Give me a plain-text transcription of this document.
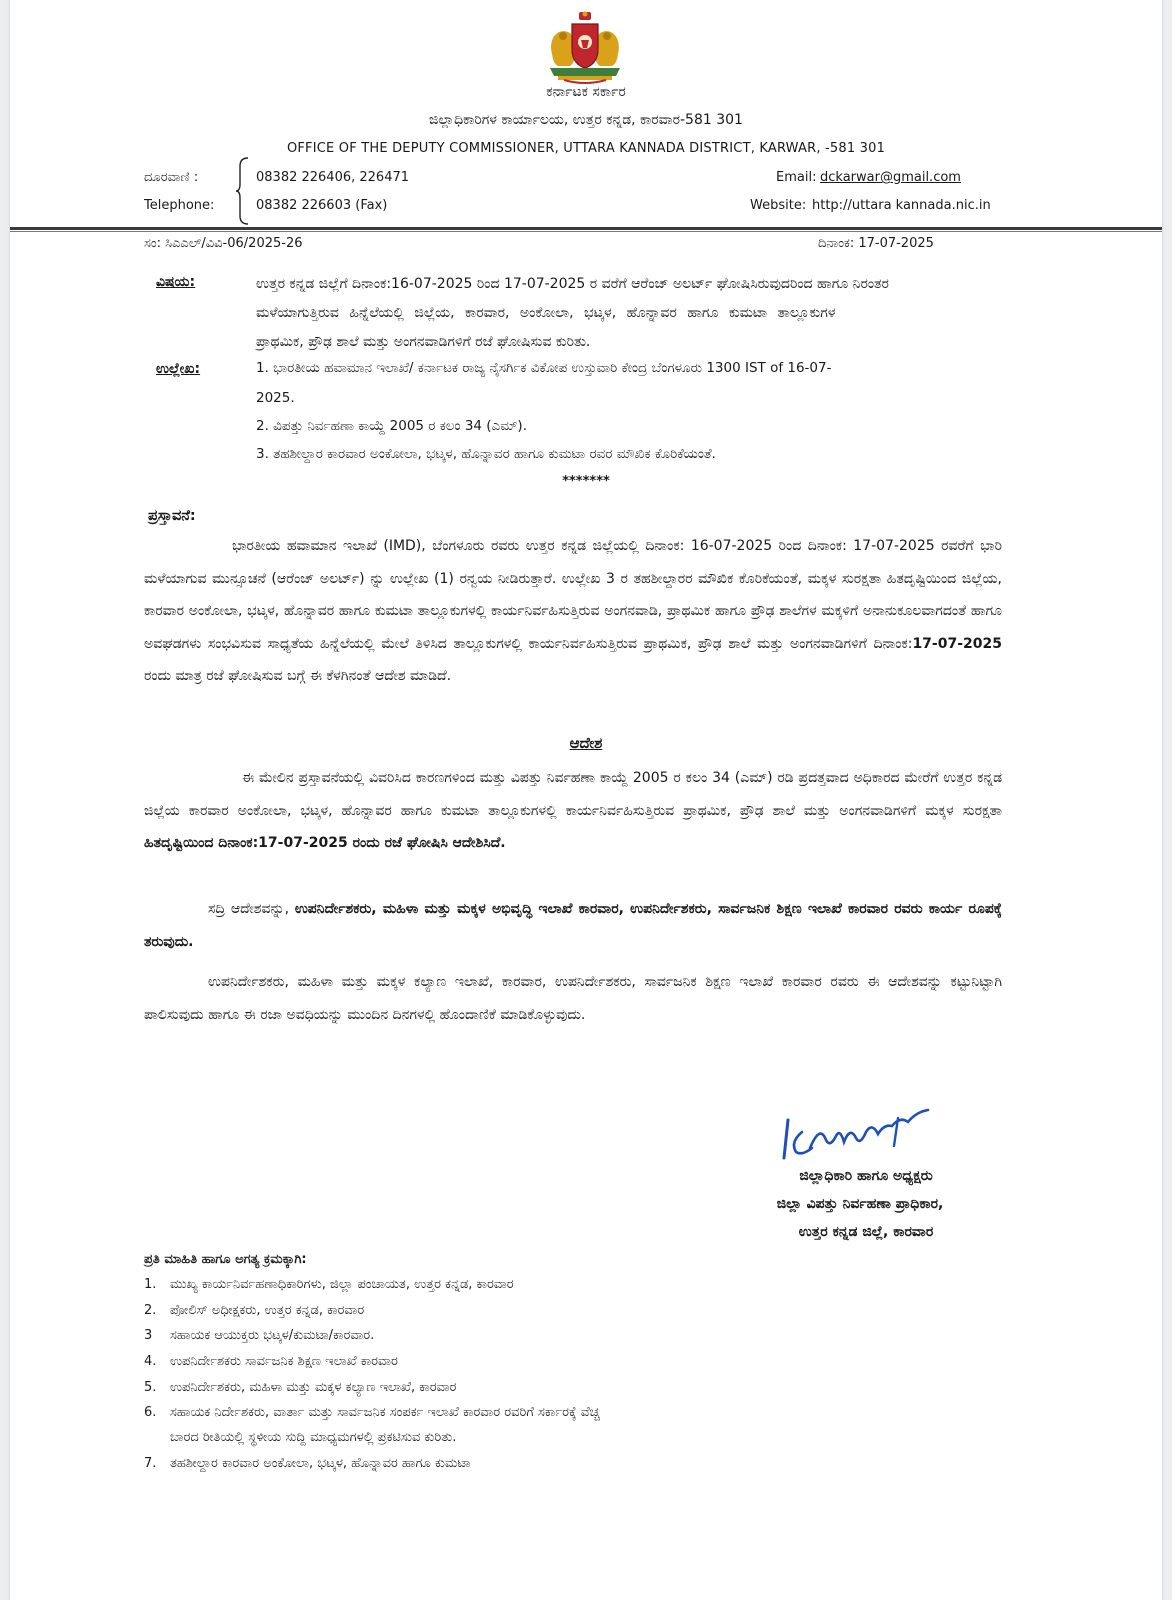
ಕರ್ನಾಟಕ ಸರ್ಕಾರ
ಜಿಲ್ಲಾಧಿಕಾರಿಗಳ ಕಾರ್ಯಾಲಯ, ಉತ್ತರ ಕನ್ನಡ, ಕಾರವಾರ-581 301
OFFICE OF THE DEPUTY COMMISSIONER, UTTARA KANNADA DISTRICT, KARWAR, -581 301
ದೂರವಾಣಿ :
Telephone:
08382 226406, 226471
08382 226603 (Fax)
Email: dckarwar@gmail.com
Website: http://uttara kannada.nic.in
ಸಂ: ಸಿಎಎಲ್/ವಿವಿ-06/2025-26	ದಿನಾಂಕ: 17-07-2025
ವಿಷಯ:	ಉತ್ತರ ಕನ್ನಡ ಜಿಲ್ಲೆಗೆ ದಿನಾಂಕ:16-07-2025 ರಿಂದ 17-07-2025 ರ ವರೆಗೆ ಆರೆಂಜ್ ಅಲರ್ಟ್ ಘೋಷಿಸಿರುವುದರಿಂದ ಹಾಗೂ ನಿರಂತರ
ಮಳೆಯಾಗುತ್ತಿರುವ ಹಿನ್ನೆಲೆಯಲ್ಲಿ ಜಿಲ್ಲೆಯ, ಕಾರವಾರ, ಅಂಕೋಲಾ, ಭಟ್ಕಳ, ಹೊನ್ನಾವರ ಹಾಗೂ ಕುಮಟಾ ತಾಲ್ಲೂಕುಗಳ
ಪ್ರಾಥಮಿಕ, ಪ್ರೌಢ ಶಾಲೆ ಮತ್ತು ಅಂಗನವಾಡಿಗಳಿಗೆ ರಜೆ ಘೋಷಿಸುವ ಕುರಿತು.
ಉಲ್ಲೇಖ:	1. ಭಾರತೀಯ ಹವಾಮಾನ ಇಲಾಖೆ/ ಕರ್ನಾಟಕ ರಾಜ್ಯ ನೈಸರ್ಗಿಕ ವಿಕೋಪ ಉಸ್ತುವಾರಿ ಕೇಂದ್ರ ಬೆಂಗಳೂರು 1300 IST of 16-07-
2025.
2. ವಿಪತ್ತು ನಿರ್ವಹಣಾ ಕಾಯ್ದೆ 2005 ರ ಕಲಂ 34 (ಎಮ್).
3. ತಹಶೀಲ್ದಾರ ಕಾರವಾರ ಅಂಕೋಲಾ, ಭಟ್ಕಳ, ಹೊನ್ನಾವರ ಹಾಗೂ ಕುಮಟಾ ರವರ ಮೌಖಿಕ ಕೊರಿಕೆಯಂತೆ.
*******
ಪ್ರಸ್ತಾವನೆ:
ಭಾರತೀಯ ಹವಾಮಾನ ಇಲಾಖೆ (IMD), ಬೆಂಗಳೂರು ರವರು ಉತ್ತರ ಕನ್ನಡ ಜಿಲ್ಲೆಯಲ್ಲಿ ದಿನಾಂಕ: 16-07-2025 ರಿಂದ ದಿನಾಂಕ: 17-07-2025 ರವರೆಗೆ ಭಾರಿ ಮಳೆಯಾಗುವ ಮುನ್ಸೂಚನೆ (ಆರೆಂಜ್ ಅಲರ್ಟ್) ನ್ನು ಉಲ್ಲೇಖ (1) ರನ್ವಯ ನೀಡಿರುತ್ತಾರೆ. ಉಲ್ಲೇಖ 3 ರ ತಹಶೀಲ್ದಾರರ ಮೌಖಿಕ ಕೊರಿಕೆಯಂತೆ, ಮಕ್ಕಳ ಸುರಕ್ಷತಾ ಹಿತದೃಷ್ಟಿಯಿಂದ ಜಿಲ್ಲೆಯ, ಕಾರವಾರ ಅಂಕೋಲಾ, ಭಟ್ಕಳ, ಹೊನ್ನಾವರ ಹಾಗೂ ಕುಮಟಾ ತಾಲ್ಲೂಕುಗಳಲ್ಲಿ ಕಾರ್ಯನಿರ್ವಹಿಸುತ್ತಿರುವ ಅಂಗನವಾಡಿ, ಪ್ರಾಥಮಿಕ ಹಾಗೂ ಪ್ರೌಢ ಶಾಲೆಗಳ ಮಕ್ಕಳಿಗೆ ಅನಾನುಕೂಲವಾಗದಂತೆ ಹಾಗೂ ಅವಘಡಗಳು ಸಂಭವಿಸುವ ಸಾಧ್ಯತೆಯ ಹಿನ್ನೆಲೆಯಲ್ಲಿ ಮೇಲೆ ತಿಳಿಸಿದ ತಾಲ್ಲೂಕುಗಳಲ್ಲಿ ಕಾರ್ಯನಿರ್ವಹಿಸುತ್ತಿರುವ ಪ್ರಾಥಮಿಕ, ಪ್ರೌಢ ಶಾಲೆ ಮತ್ತು ಅಂಗನವಾಡಿಗಳಿಗೆ ದಿನಾಂಕ:17-07-2025 ರಂದು ಮಾತ್ರ ರಜೆ ಘೋಷಿಸುವ ಬಗ್ಗೆ ಈ ಕೆಳಗಿನಂತೆ ಆದೇಶ ಮಾಡಿದೆ.
ಆದೇಶ
ಈ ಮೇಲಿನ ಪ್ರಸ್ತಾವನೆಯಲ್ಲಿ ವಿವರಿಸಿದ ಕಾರಣಗಳಿಂದ ಮತ್ತು ವಿಪತ್ತು ನಿರ್ವಹಣಾ ಕಾಯ್ದೆ 2005 ರ ಕಲಂ 34 (ಎಮ್) ರಡಿ ಪ್ರದತ್ತವಾದ ಅಧಿಕಾರದ ಮೇರೆಗೆ ಉತ್ತರ ಕನ್ನಡ ಜಿಲ್ಲೆಯ ಕಾರವಾರ ಅಂಕೋಲಾ, ಭಟ್ಕಳ, ಹೊನ್ನಾವರ ಹಾಗೂ ಕುಮಟಾ ತಾಲ್ಲೂಕುಗಳಲ್ಲಿ ಕಾರ್ಯನಿರ್ವಹಿಸುತ್ತಿರುವ ಪ್ರಾಥಮಿಕ, ಪ್ರೌಢ ಶಾಲೆ ಮತ್ತು ಅಂಗನವಾಡಿಗಳಿಗೆ ಮಕ್ಕಳ ಸುರಕ್ಷತಾ ಹಿತದೃಷ್ಟಿಯಿಂದ ದಿನಾಂಕ:17-07-2025 ರಂದು ರಜೆ ಘೋಷಿಸಿ ಆದೇಶಿಸಿದೆ.
ಸದ್ರಿ ಆದೇಶವನ್ನು, ಉಪನಿರ್ದೇಶಕರು, ಮಹಿಳಾ ಮತ್ತು ಮಕ್ಕಳ ಅಭಿವೃದ್ಧಿ ಇಲಾಖೆ ಕಾರವಾರ, ಉಪನಿರ್ದೇಶಕರು, ಸಾರ್ವಜನಿಕ ಶಿಕ್ಷಣ ಇಲಾಖೆ ಕಾರವಾರ ರವರು ಕಾರ್ಯ ರೂಪಕ್ಕೆ ತರುವುದು.
ಉಪನಿರ್ದೇಶಕರು, ಮಹಿಳಾ ಮತ್ತು ಮಕ್ಕಳ ಕಲ್ಯಾಣ ಇಲಾಖೆ, ಕಾರವಾರ, ಉಪನಿರ್ದೇಶಕರು, ಸಾರ್ವಜನಿಕ ಶಿಕ್ಷಣ ಇಲಾಖೆ ಕಾರವಾರ ರವರು ಈ ಆದೇಶವನ್ನು ಕಟ್ಟುನಿಟ್ಟಾಗಿ ಪಾಲಿಸುವುದು ಹಾಗೂ ಈ ರಜಾ ಅವಧಿಯನ್ನು ಮುಂದಿನ ದಿನಗಳಲ್ಲಿ ಹೊಂದಾಣಿಕೆ ಮಾಡಿಕೊಳ್ಳುವುದು.
ಜಿಲ್ಲಾಧಿಕಾರಿ ಹಾಗೂ ಅಧ್ಯಕ್ಷರು
ಜಿಲ್ಲಾ ವಿಪತ್ತು ನಿರ್ವಹಣಾ ಪ್ರಾಧಿಕಾರ,
ಉತ್ತರ ಕನ್ನಡ ಜಿಲ್ಲೆ, ಕಾರವಾರ
ಪ್ರತಿ ಮಾಹಿತಿ ಹಾಗೂ ಅಗತ್ಯ ಕ್ರಮಕ್ಕಾಗಿ:
1. ಮುಖ್ಯ ಕಾರ್ಯನಿರ್ವಹಣಾಧಿಕಾರಿಗಳು, ಜಿಲ್ಲಾ ಪಂಚಾಯತ, ಉತ್ತರ ಕನ್ನಡ, ಕಾರವಾರ
2. ಪೋಲಿಸ್ ಅಧೀಕ್ಷಕರು, ಉತ್ತರ ಕನ್ನಡ, ಕಾರವಾರ
3 ಸಹಾಯಕ ಆಯುಕ್ತರು ಭಟ್ಕಳ/ಕುಮಟಾ/ಕಾರವಾರ.
4. ಉಪನಿರ್ದೇಶಕರು ಸಾರ್ವಜನಿಕ ಶಿಕ್ಷಣ ಇಲಾಖೆ ಕಾರವಾರ
5. ಉಪನಿರ್ದೇಶಕರು, ಮಹಿಳಾ ಮತ್ತು ಮಕ್ಕಳ ಕಲ್ಯಾಣ ಇಲಾಖೆ, ಕಾರವಾರ
6. ಸಹಾಯಕ ನಿರ್ದೇಶಕರು, ವಾರ್ತಾ ಮತ್ತು ಸಾರ್ವಜನಿಕ ಸಂಪರ್ಕ ಇಲಾಖೆ ಕಾರವಾರ ರವರಿಗೆ ಸರ್ಕಾರಕ್ಕೆ ವೆಚ್ಚ
ಬಾರದ ರೀತಿಯಲ್ಲಿ ಸ್ಥಳೀಯ ಸುದ್ದಿ ಮಾಧ್ಯಮಗಳಲ್ಲಿ ಪ್ರಕಟಿಸುವ ಕುರಿತು.
7. ತಹಶೀಲ್ದಾರ ಕಾರವಾರ ಅಂಕೋಲಾ, ಭಟ್ಕಳ, ಹೊನ್ನಾವರ ಹಾಗೂ ಕುಮಟಾ
